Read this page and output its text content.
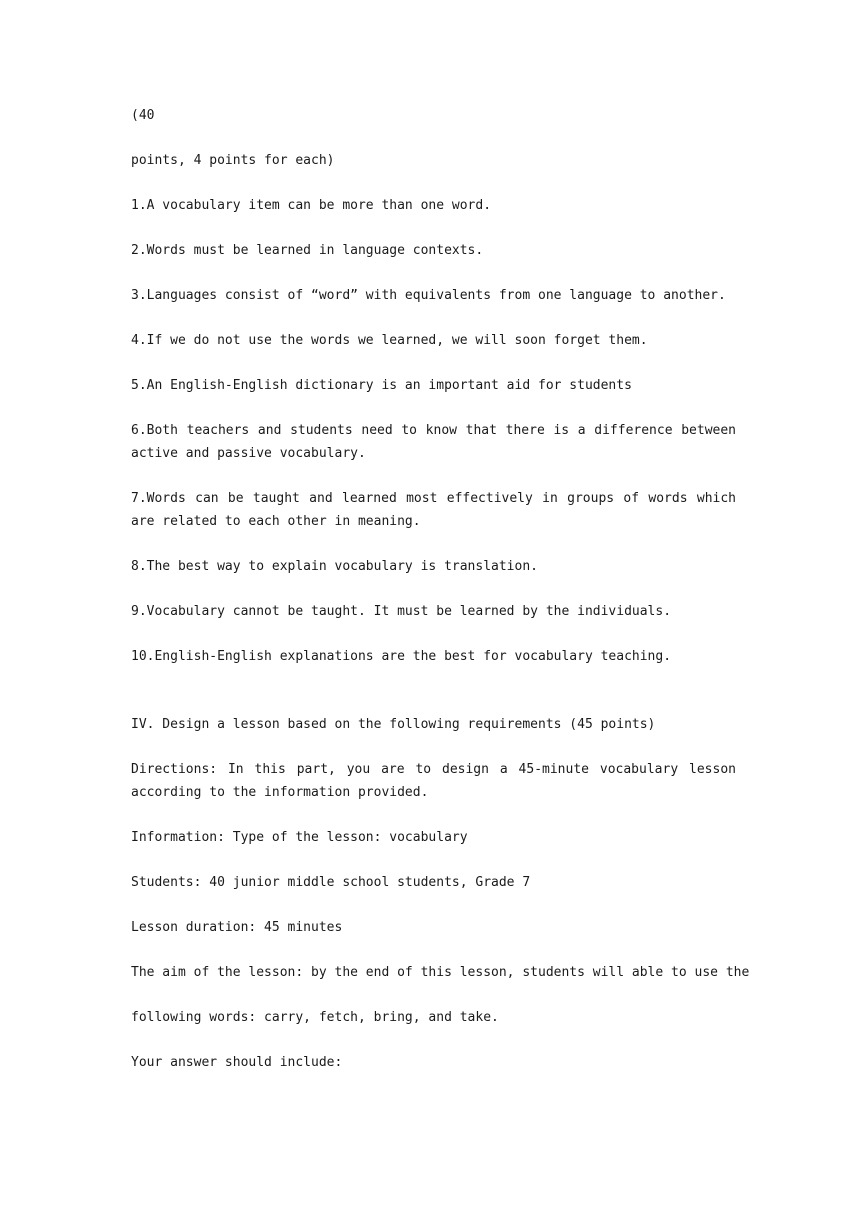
(40

points, 4 points for each)

1.A vocabulary item can be more than one word.

2.Words must be learned in language contexts.

3.Languages consist of “word” with equivalents from one language to another.

4.If we do not use the words we learned, we will soon forget them.

5.An English-English dictionary is an important aid for students

6.Both teachers and students need to know that there is a difference between active and passive vocabulary.

7.Words can be taught and learned most effectively in groups of words which are related to each other in meaning.

8.The best way to explain vocabulary is translation.

9.Vocabulary cannot be taught. It must be learned by the individuals.

10.English-English explanations are the best for vocabulary teaching.

IV. Design a lesson based on the following requirements (45 points)

Directions: In this part, you are to design a 45-minute vocabulary lesson according to the information provided.

Information: Type of the lesson: vocabulary

Students: 40 junior middle school students, Grade 7

Lesson duration: 45 minutes

The aim of the lesson: by the end of this lesson, students will able to use the

following words: carry, fetch, bring, and take.

Your answer should include:
